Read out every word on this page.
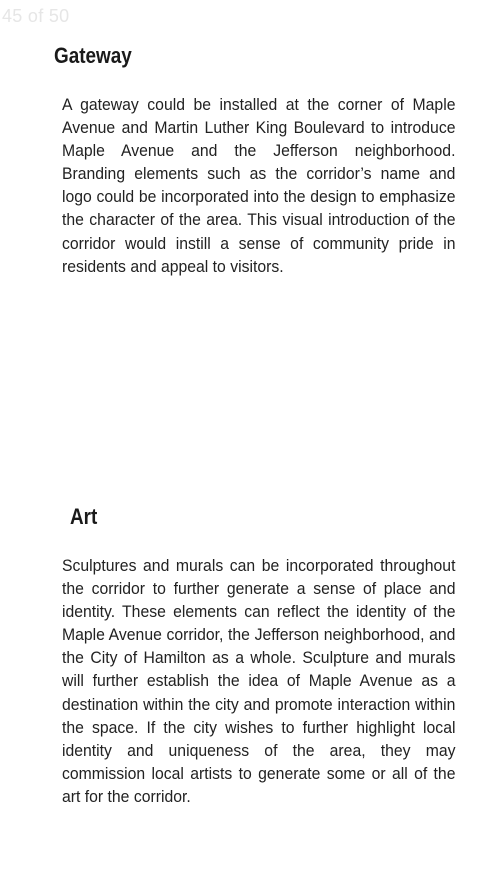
45 of 50
Gateway

A gateway could be installed at the corner of Maple Avenue and Martin Luther King Boulevard to introduce Maple Avenue and the Jefferson neighborhood. Branding elements such as the corridor’s name and logo could be incorporated into the design to emphasize the character of the area. This visual introduction of the corridor would instill a sense of community pride in residents and appeal to visitors.

Art

Sculptures and murals can be incorporated throughout the corridor to further generate a sense of place and identity. These elements can reflect the identity of the Maple Avenue corridor, the Jefferson neighborhood, and the City of Hamilton as a whole. Sculpture and murals will further establish the idea of Maple Avenue as a destination within the city and promote interaction within the space. If the city wishes to further highlight local identity and uniqueness of the area, they may commission local artists to generate some or all of the art for the corridor.
